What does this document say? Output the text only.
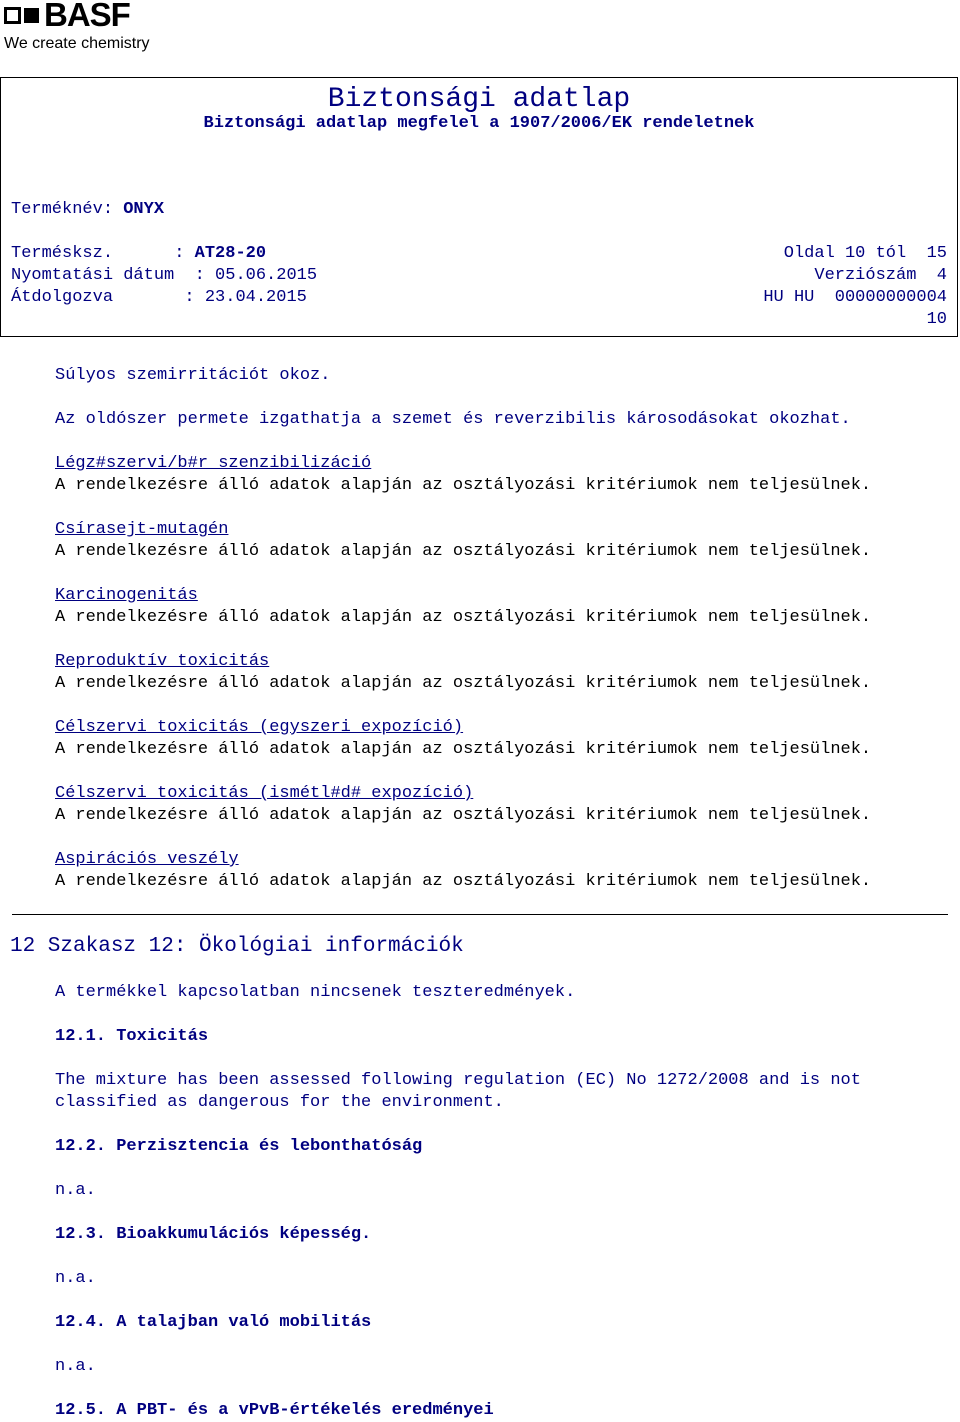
BASF
We create chemistry
Biztonsági adatlap
Biztonsági adatlap megfelel a 1907/2006/EK rendeletnek
Terméknév: ONYX
Termésksz.      : AT28-20
Nyomtatási dátum  : 05.06.2015
Átdolgozva       : 23.04.2015
Oldal 10 tól  15
Verziószám  4
HU HU  00000000004
10
Súlyos szemirritációt okoz.
Az oldószer permete izgathatja a szemet és reverzibilis károsodásokat okozhat.
Légz#szervi/b#r szenzibilizáció
A rendelkezésre álló adatok alapján az osztályozási kritériumok nem teljesülnek.
Csírasejt-mutagén
A rendelkezésre álló adatok alapján az osztályozási kritériumok nem teljesülnek.
Karcinogenitás
A rendelkezésre álló adatok alapján az osztályozási kritériumok nem teljesülnek.
Reproduktív toxicitás
A rendelkezésre álló adatok alapján az osztályozási kritériumok nem teljesülnek.
Célszervi toxicitás (egyszeri expozíció)
A rendelkezésre álló adatok alapján az osztályozási kritériumok nem teljesülnek.
Célszervi toxicitás (ismétl#d# expozíció)
A rendelkezésre álló adatok alapján az osztályozási kritériumok nem teljesülnek.
Aspirációs veszély
A rendelkezésre álló adatok alapján az osztályozási kritériumok nem teljesülnek.
12 Szakasz 12: Ökológiai információk
A termékkel kapcsolatban nincsenek teszteredmények.
12.1. Toxicitás
The mixture has been assessed following regulation (EC) No 1272/2008 and is not
classified as dangerous for the environment.
12.2. Perzisztencia és lebonthatóság
n.a.
12.3. Bioakkumulációs képesség.
n.a.
12.4. A talajban való mobilitás
n.a.
12.5. A PBT- és a vPvB-értékelés eredményei
